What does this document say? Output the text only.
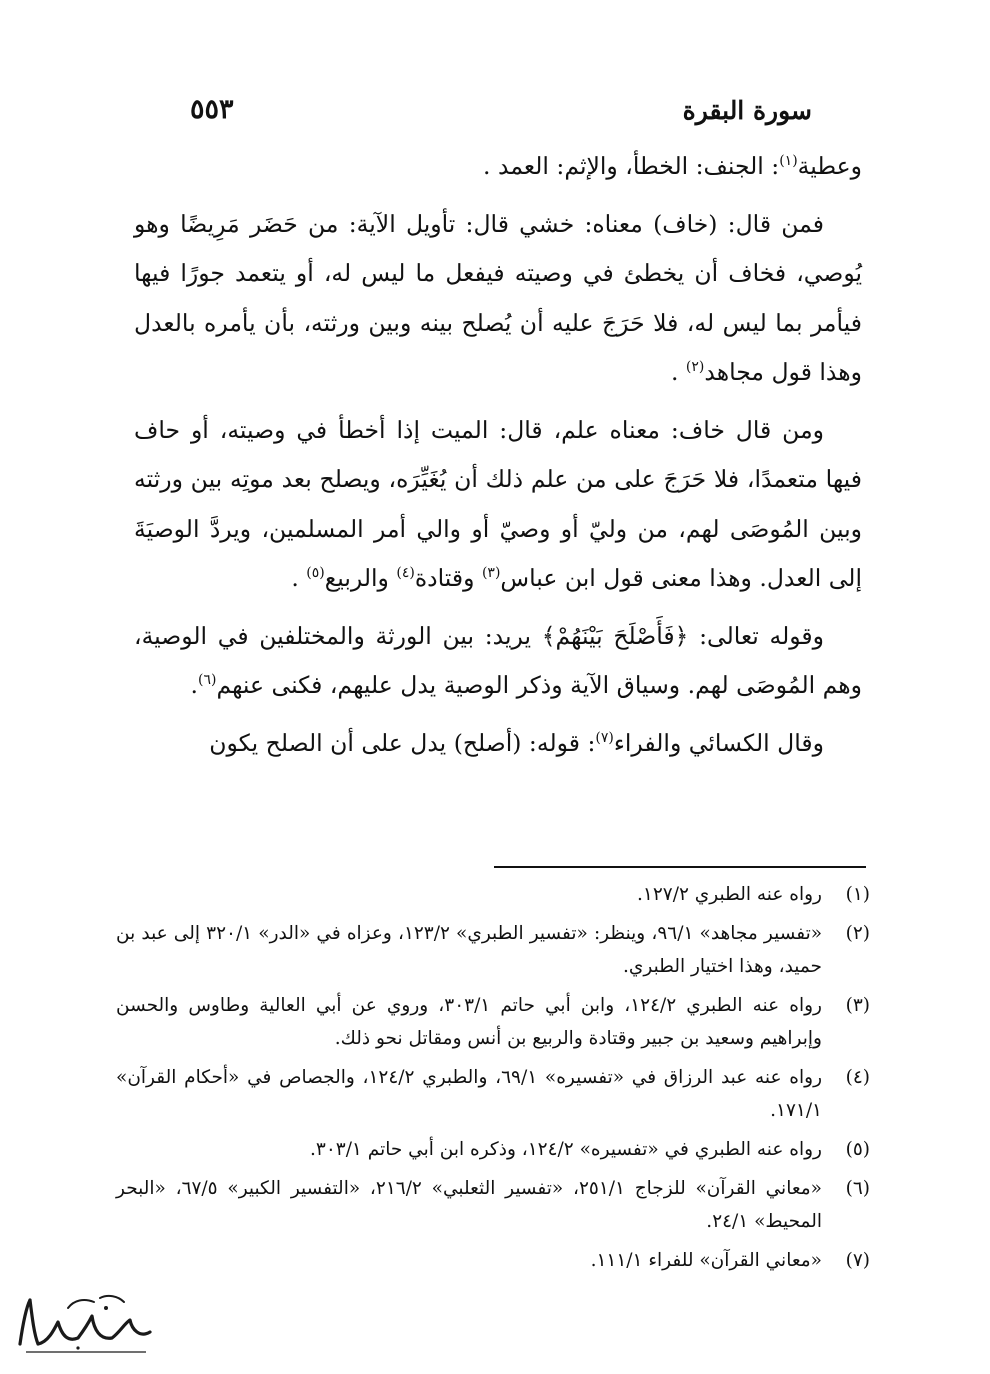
سورة البقرة
٥٥٣

وعطية$^{(١)}$: الجنف: الخطأ، والإثم: العمد .

فمن قال: (خاف) معناه: خشي قال: تأويل الآية: من حَضَر مَرِيضًا وهو يُوصي، فخاف أن يخطئ في وصيته فيفعل ما ليس له، أو يتعمد جورًا فيها فيأمر بما ليس له، فلا حَرَجَ عليه أن يُصلح بينه وبين ورثته، بأن يأمره بالعدل وهذا قول مجاهد$^{(٢)}$ .

ومن قال خاف: معناه علم، قال: الميت إذا أخطأ في وصيته، أو حاف فيها متعمدًا، فلا حَرَجَ على من علم ذلك أن يُغَيِّرَه، ويصلح بعد موتِه بين ورثته وبين المُوصَى لهم، من وليّ أو وصيّ أو والي أمر المسلمين، ويردَّ الوصيَةَ إلى العدل. وهذا معنى قول ابن عباس$^{(٣)}$ وقتادة$^{(٤)}$ والربيع$^{(٥)}$ .

وقوله تعالى: ﴿فَأَصْلَحَ بَيْنَهُمْ﴾ يريد: بين الورثة والمختلفين في الوصية، وهم المُوصَى لهم. وسياق الآية وذكر الوصية يدل عليهم، فكنى عنهم$^{(٦)}$.

وقال الكسائي والفراء$^{(٧)}$: قوله: (أصلح) يدل على أن الصلح يكون

(١)
رواه عنه الطبري ١٢٧/٢.
(٢)
«تفسير مجاهد» ٩٦/١، وينظر: «تفسير الطبري» ١٢٣/٢، وعزاه في «الدر» ٣٢٠/١ إلى عبد بن حميد، وهذا اختيار الطبري.
(٣)
رواه عنه الطبري ١٢٤/٢، وابن أبي حاتم ٣٠٣/١، وروي عن أبي العالية وطاوس والحسن وإبراهيم وسعيد بن جبير وقتادة والربيع بن أنس ومقاتل نحو ذلك.
(٤)
رواه عنه عبد الرزاق في «تفسيره» ٦٩/١، والطبري ١٢٤/٢، والجصاص في «أحكام القرآن» ١٧١/١.
(٥)
رواه عنه الطبري في «تفسيره» ١٢٤/٢، وذكره ابن أبي حاتم ٣٠٣/١.
(٦)
«معاني القرآن» للزجاج ٢٥١/١، «تفسير الثعلبي» ٢١٦/٢، «التفسير الكبير» ٦٧/٥، «البحر المحيط» ٢٤/١.
(٧)
«معاني القرآن» للفراء ١١١/١.
